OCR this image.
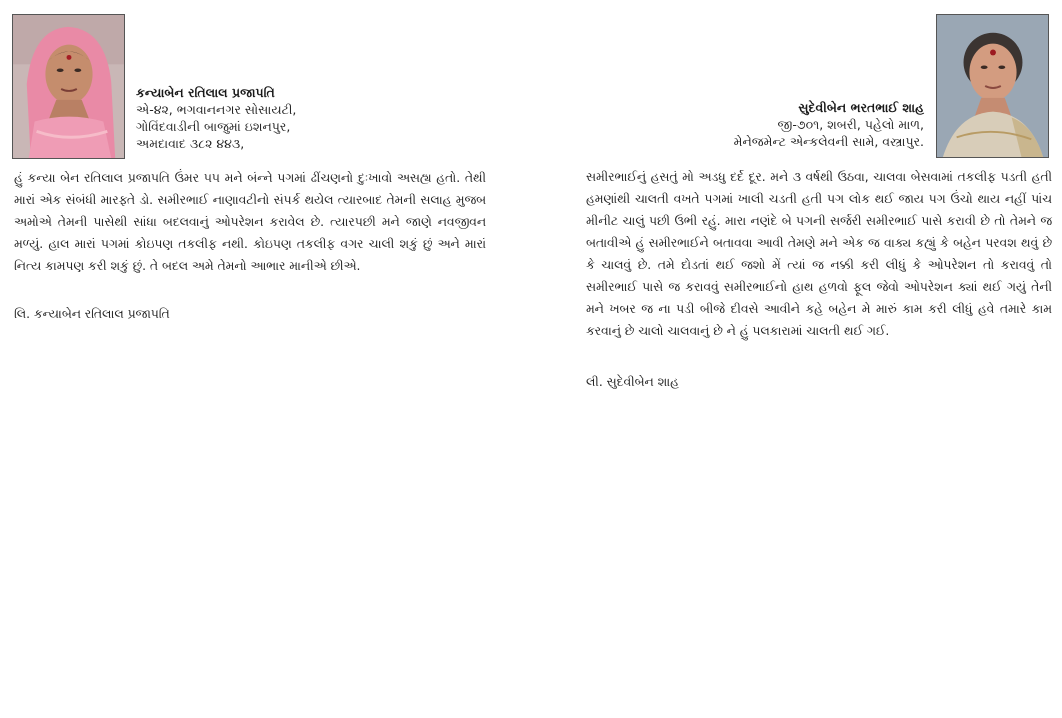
કન્યાબેન રતિલાલ પ્રજાપતિ
એ-૪૨, ભગવાનનગર સોસાયટી,
ગોવિંદવાડીની બાજુમાં ઇશનપુર,
અમદાવાદ ૩૮૨ ૪૪૩,
સુદેવીબેન ભરતભાઈ શાહ
જી-૭૦૧, શબરી, પહેલો માળ,
મેનેજમેન્ટ એન્કલેવની સામે, વસ્ત્રાપુર.
હું કન્યા બેન રતિલાલ પ્રજાપતિ ઉંમર ૫૫ મને બંન્ને પગમાં ઢીંચણનો દુઃખાવો અસહ્ય હતો. તેથી મારાં એક સંબંધી મારફ્તે ડો. સમીરભાઈ નાણાવટીનો સંપર્ક થયેલ ત્યારબાદ તેમની સલાહ મુજબ અમોએ તેમની પાસેથી સાંધા બદલવાનું ઓપરેશન કરાવેલ છે. ત્યારપછી મને જાણે નવજીવન મળ્યું. હાલ મારાં પગમાં કોઇપણ તકલીફ નથી. કોઇપણ તકલીફ વગર ચાલી શકું છું અને મારાં નિત્ય કામપણ કરી શકું છું. તે બદલ અમે તેમનો આભાર માનીએ છીએ.
સમીરભાઈનું હસતું મો અડધુ દર્દ દૂર. મને ૩ વર્ષથી ઉઠવા, ચાલવા બેસવામાં તકલીફ પડતી હતી હમણાંથી ચાલતી વખતે પગમાં ખાલી ચડતી હતી પગ લોક થઈ જાય પગ ઉંચો થાય નહીં પાંચ મીનીટ ચાલું પછી ઉભી રહું. મારા નણંદે બે પગની સર્જરી સમીરભાઈ પાસે કરાવી છે તો તેમને જ બતાવીએ હું સમીરભાઈને બતાવવા આવી તેમણે મને એક જ વાક્ય કહ્યું કે બહેન પરવશ થવું છે કે ચાલવું છે. તમે દોડતાં થઈ જશો મેં ત્યાં જ નક્કી કરી લીધું કે ઓપરેશન તો કરાવવું તો સમીરભાઈ પાસે જ કરાવવું સમીરભાઈનો હાથ હળવો ફૂલ જેવો ઓપરેશન ક્યાં થઈ ગયું તેની મને ખબર જ ના પડી બીજે દીવસે આવીને કહે બહેન મે મારું કામ કરી લીધું હવે તમારે કામ કરવાનું છે ચાલો ચાલવાનું છે ને હું પલકારામાં ચાલતી થઈ ગઈ.
લિ. કન્યાબેન રતિલાલ પ્રજાપતિ
લી. સુદેવીબેન શાહ
